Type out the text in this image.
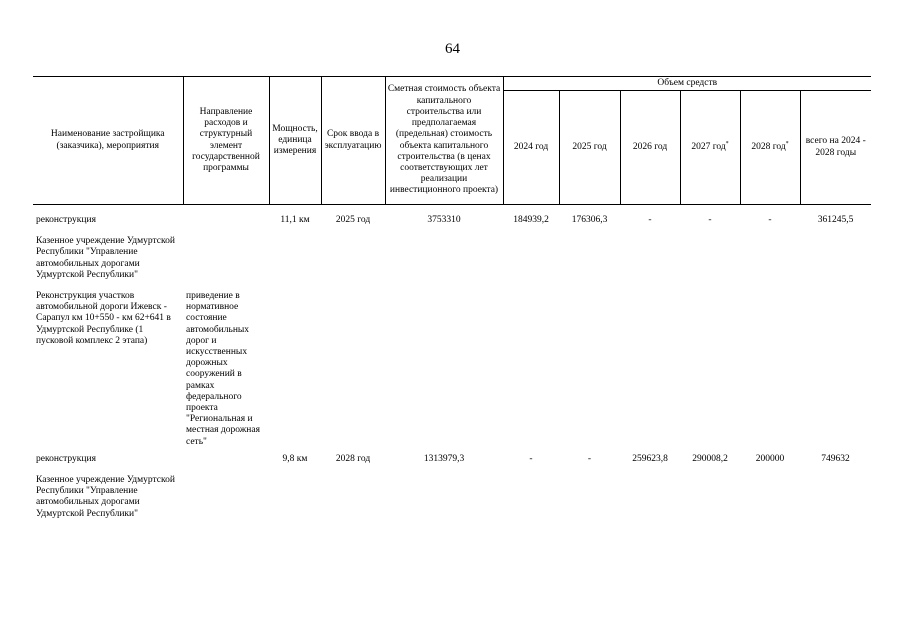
64
Наименование застройщика (заказчика), мероприятия	Направление расходов и структурный элемент государственной программы	Мощность, единица измерения	Срок ввода в эксплуатацию	Сметная стоимость объекта капитального строительства или предполагаемая (предельная) стоимость объекта капитального строительства (в ценах соответствующих лет реализации инвестиционного проекта)	Объем средств					
					2024 год	2025 год	2026 год	2027 год*	2028 год*	всего на 2024 - 2028 годы

реконструкция		11,1 км	2025 год	3753310	184939,2	176306,3	-	-	-	361245,5

Казенное учреждение Удмуртской Республики "Управление автомобильных дорогами Удмуртской Республики"										

Реконструкция участков автомобильной дороги Ижевск - Сарапул км 10+550 - км 62+641 в Удмуртской Республике (1 пусковой комплекс 2 этапа)	приведение в нормативное состояние автомобильных дорог и искусственных дорожных сооружений в рамках федерального проекта "Региональная и местная дорожная сеть"									

реконструкция		9,8 км	2028 год	1313979,3	-	-	259623,8	290008,2	200000	749632

Казенное учреждение Удмуртской Республики "Управление автомобильных дорогами Удмуртской Республики"										
